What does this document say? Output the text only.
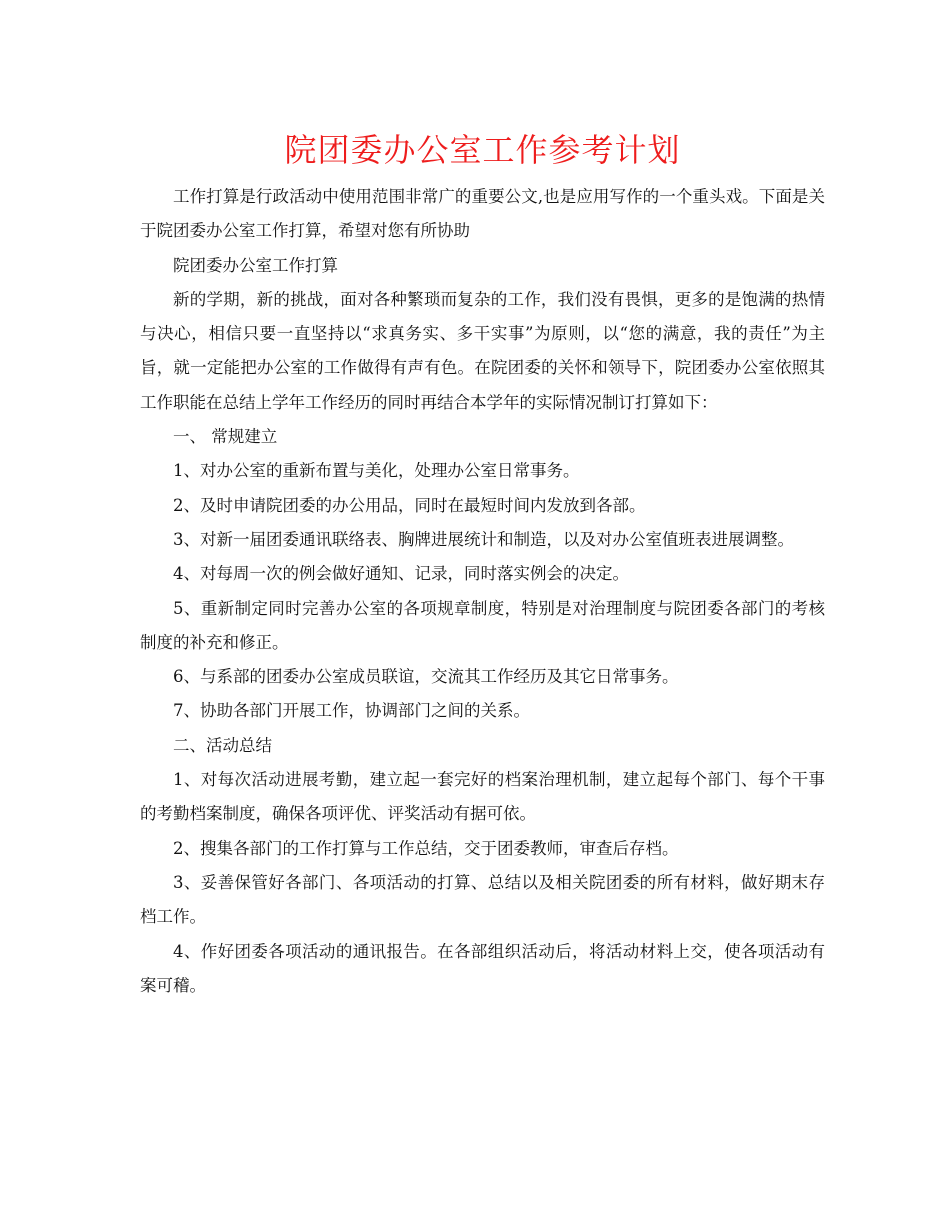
院团委办公室工作参考计划

工作打算是行政活动中使用范围非常广的重要公文,也是应用写作的一个重头戏。下面是关于院团委办公室工作打算，希望对您有所协助

院团委办公室工作打算

新的学期，新的挑战，面对各种繁琐而复杂的工作，我们没有畏惧，更多的是饱满的热情与决心，相信只要一直坚持以“求真务实、多干实事”为原则，以“您的满意，我的责任”为主旨，就一定能把办公室的工作做得有声有色。在院团委的关怀和领导下，院团委办公室依照其工作职能在总结上学年工作经历的同时再结合本学年的实际情况制订打算如下：

一、 常规建立

1、对办公室的重新布置与美化，处理办公室日常事务。

2、及时申请院团委的办公用品，同时在最短时间内发放到各部。

3、对新一届团委通讯联络表、胸牌进展统计和制造，以及对办公室值班表进展调整。

4、对每周一次的例会做好通知、记录，同时落实例会的决定。

5、重新制定同时完善办公室的各项规章制度，特别是对治理制度与院团委各部门的考核制度的补充和修正。

6、与系部的团委办公室成员联谊，交流其工作经历及其它日常事务。

7、协助各部门开展工作，协调部门之间的关系。

二、活动总结

1、对每次活动进展考勤，建立起一套完好的档案治理机制，建立起每个部门、每个干事的考勤档案制度，确保各项评优、评奖活动有据可依。

2、搜集各部门的工作打算与工作总结，交于团委教师，审查后存档。

3、妥善保管好各部门、各项活动的打算、总结以及相关院团委的所有材料，做好期末存档工作。

4、作好团委各项活动的通讯报告。在各部组织活动后，将活动材料上交，使各项活动有案可稽。
